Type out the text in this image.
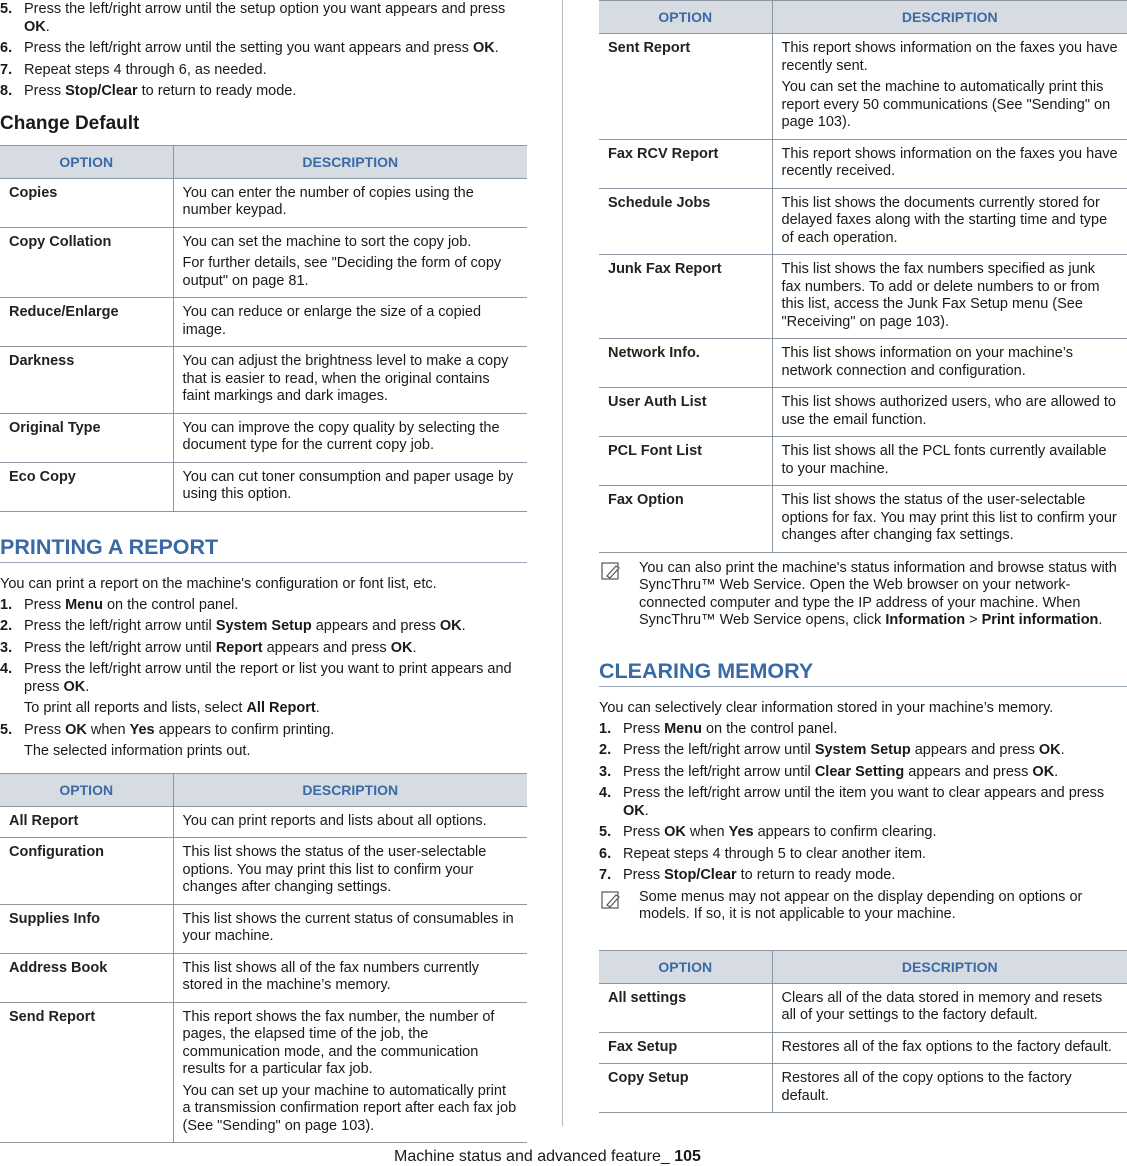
5. Press the left/right arrow until the setup option you want appears and press OK.
6. Press the left/right arrow until the setting you want appears and press OK.
7. Repeat steps 4 through 6, as needed.
8. Press Stop/Clear to return to ready mode.
Change Default
OPTION	DESCRIPTION
Copies	You can enter the number of copies using the number keypad.
Copy Collation	You can set the machine to sort the copy job.
For further details, see "Deciding the form of copy output" on page 81.

Reduce/Enlarge	You can reduce or enlarge the size of a copied image.
Darkness	You can adjust the brightness level to make a copy that is easier to read, when the original contains faint markings and dark images.
Original Type	You can improve the copy quality by selecting the document type for the current copy job.
Eco Copy	You can cut toner consumption and paper usage by using this option.
PRINTING A REPORT

You can print a report on the machine's configuration or font list, etc.

1. Press Menu on the control panel.
2. Press the left/right arrow until System Setup appears and press OK.
3. Press the left/right arrow until Report appears and press OK.
4. Press the left/right arrow until the report or list you want to print appears and press OK.
To print all reports and lists, select All Report.
5. Press OK when Yes appears to confirm printing.
The selected information prints out.
OPTION	DESCRIPTION
All Report	You can print reports and lists about all options.
Configuration	This list shows the status of the user-selectable options. You may print this list to confirm your changes after changing settings.
Supplies Info	This list shows the current status of consumables in your machine.
Address Book	This list shows all of the fax numbers currently stored in the machine’s memory.
Send Report	This report shows the fax number, the number of pages, the elapsed time of the job, the communication mode, and the communication results for a particular fax job.
You can set up your machine to automatically print a transmission confirmation report after each fax job (See "Sending" on page 103).
OPTION	DESCRIPTION
Sent Report	This report shows information on the faxes you have recently sent.
You can set the machine to automatically print this report every 50 communications (See "Sending" on page 103).

Fax RCV Report	This report shows information on the faxes you have recently received.
Schedule Jobs	This list shows the documents currently stored for delayed faxes along with the starting time and type of each operation.
Junk Fax Report	This list shows the fax numbers specified as junk fax numbers. To add or delete numbers to or from this list, access the Junk Fax Setup menu (See "Receiving" on page 103).
Network Info.	This list shows information on your machine’s network connection and configuration.
User Auth List	This list shows authorized users, who are allowed to use the email function.
PCL Font List	This list shows all the PCL fonts currently available to your machine.
Fax Option	This list shows the status of the user-selectable options for fax. You may print this list to confirm your changes after changing fax settings.
You can also print the machine's status information and browse status with SyncThru™ Web Service. Open the Web browser on your network-connected computer and type the IP address of your machine. When SyncThru™ Web Service opens, click Information > Print information.
CLEARING MEMORY

You can selectively clear information stored in your machine’s memory.

1. Press Menu on the control panel.
2. Press the left/right arrow until System Setup appears and press OK.
3. Press the left/right arrow until Clear Setting appears and press OK.
4. Press the left/right arrow until the item you want to clear appears and press OK.
5. Press OK when Yes appears to confirm clearing.
6. Repeat steps 4 through 5 to clear another item.
7. Press Stop/Clear to return to ready mode.
Some menus may not appear on the display depending on options or models. If so, it is not applicable to your machine.
OPTION	DESCRIPTION
All settings	Clears all of the data stored in memory and resets all of your settings to the factory default.
Fax Setup	Restores all of the fax options to the factory default.
Copy Setup	Restores all of the copy options to the factory default.
Machine status and advanced feature_ 105
